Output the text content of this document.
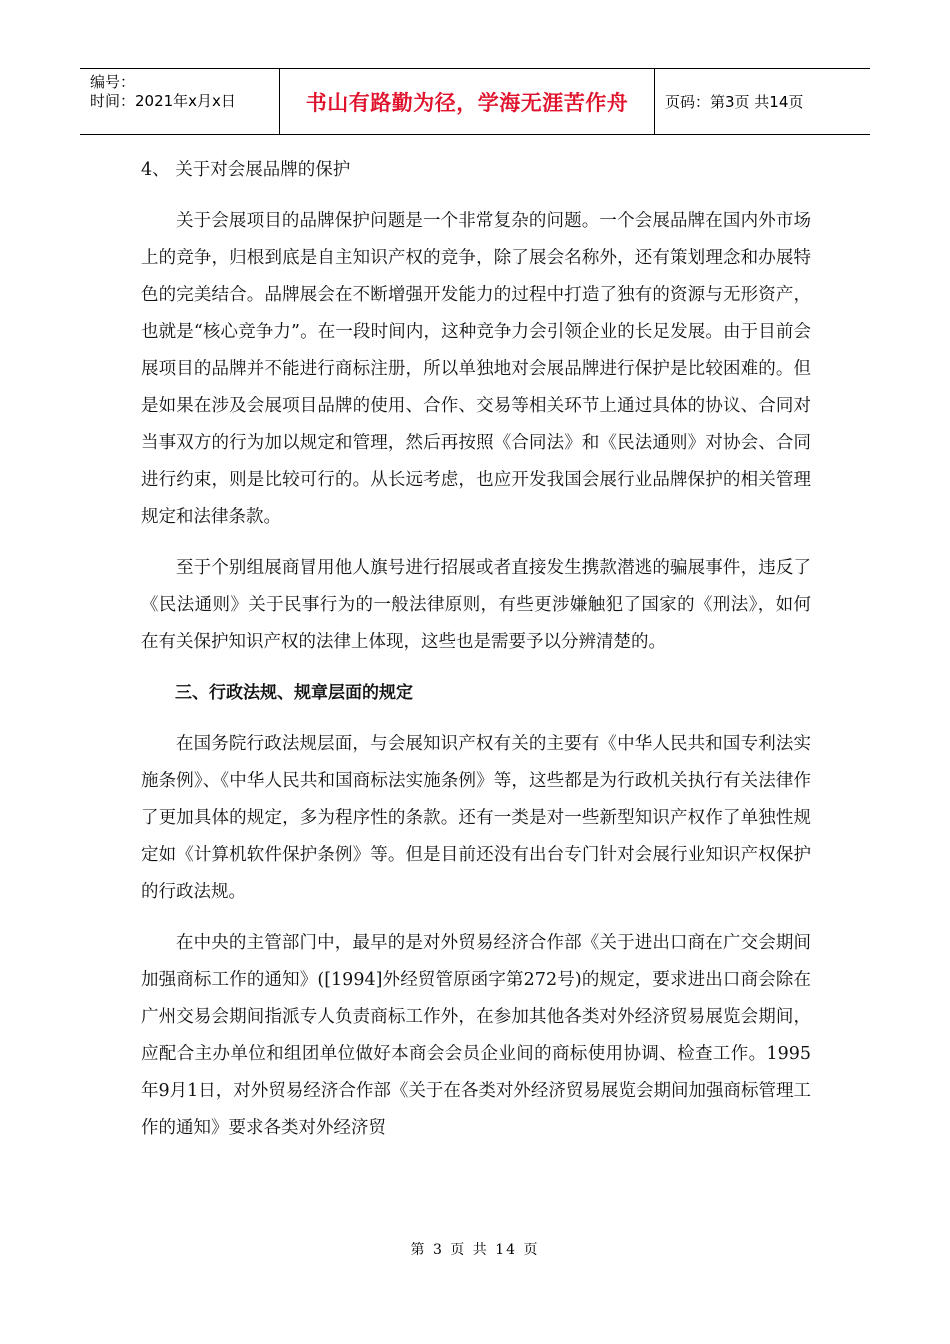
编号：
时间：2021年x月x日	书山有路勤为径，学海无涯苦作舟	页码：第3页 共14页

4、 关于对会展品牌的保护

关于会展项目的品牌保护问题是一个非常复杂的问题。一个会展品牌在国内外市场上的竞争，归根到底是自主知识产权的竞争，除了展会名称外，还有策划理念和办展特色的完美结合。品牌展会在不断增强开发能力的过程中打造了独有的资源与无形资产，也就是“核心竞争力”。在一段时间内，这种竞争力会引领企业的长足发展。由于目前会展项目的品牌并不能进行商标注册，所以单独地对会展品牌进行保护是比较困难的。但是如果在涉及会展项目品牌的使用、合作、交易等相关环节上通过具体的协议、合同对当事双方的行为加以规定和管理，然后再按照《合同法》和《民法通则》对协会、合同进行约束，则是比较可行的。从长远考虑，也应开发我国会展行业品牌保护的相关管理规定和法律条款。

至于个别组展商冒用他人旗号进行招展或者直接发生携款潜逃的骗展事件，违反了《民法通则》关于民事行为的一般法律原则，有些更涉嫌触犯了国家的《刑法》，如何在有关保护知识产权的法律上体现，这些也是需要予以分辨清楚的。

三、行政法规、规章层面的规定

在国务院行政法规层面，与会展知识产权有关的主要有《中华人民共和国专利法实施条例》、《中华人民共和国商标法实施条例》等，这些都是为行政机关执行有关法律作了更加具体的规定，多为程序性的条款。还有一类是对一些新型知识产权作了单独性规定如《计算机软件保护条例》等。但是目前还没有出台专门针对会展行业知识产权保护的行政法规。

在中央的主管部门中，最早的是对外贸易经济合作部《关于进出口商在广交会期间加强商标工作的通知》([1994]外经贸管原函字第272号)的规定，要求进出口商会除在广州交易会期间指派专人负责商标工作外，在参加其他各类对外经济贸易展览会期间，应配合主办单位和组团单位做好本商会会员企业间的商标使用协调、检查工作。1995年9月1日，对外贸易经济合作部《关于在各类对外经济贸易展览会期间加强商标管理工作的通知》要求各类对外经济贸

第 3 页 共 14 页
